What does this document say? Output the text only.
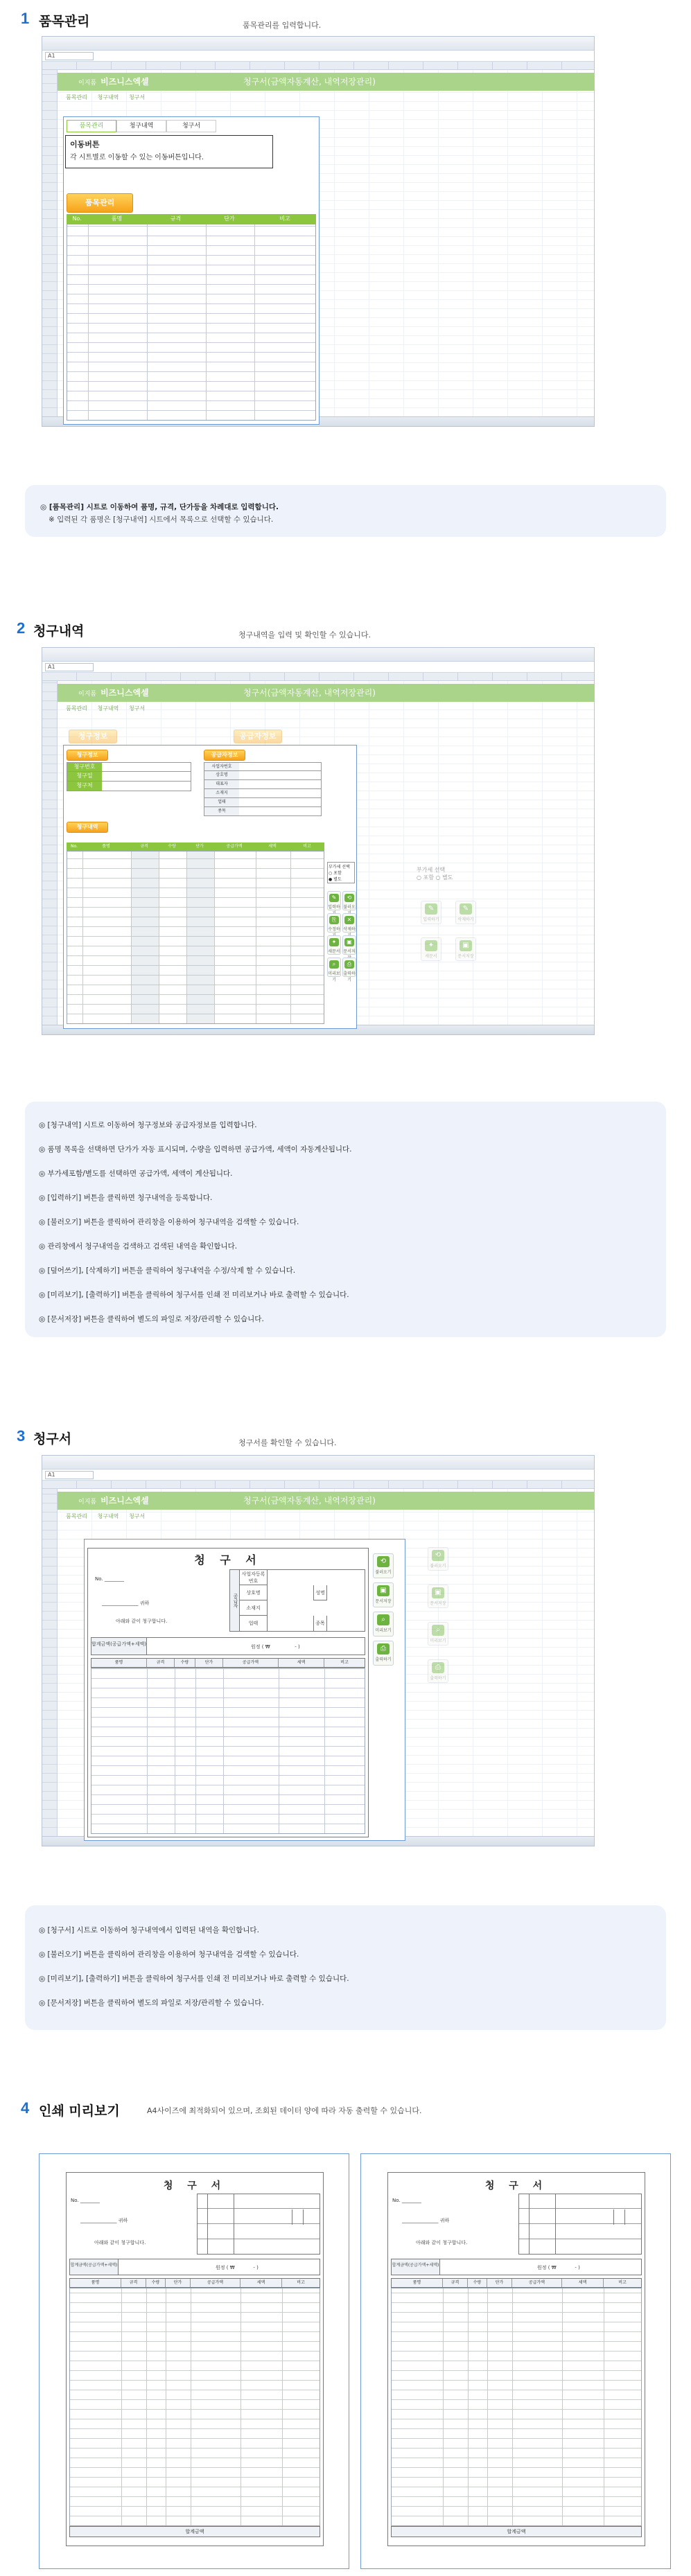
1 품목관리	품목관리를 입력합니다.
A1
이지폼 비즈니스엑셀	청구서(금액자동계산, 내역저장관리)
품목관리 청구내역 청구서
품목관리	청구내역	청구서
이동버튼
각 시트별로 이동할 수 있는 이동버튼입니다.
품목관리
No.	품명	규격	단가	비고
◎ [품목관리] 시트로 이동하여 품명, 규격, 단가등을 차례대로 입력합니다.
※ 입력된 각 품명은 [청구내역] 시트에서 목록으로 선택할 수 있습니다.
2 청구내역	청구내역을 입력 및 확인할 수 있습니다.
A1
이지폼 비즈니스엑셀	청구서(금액자동계산, 내역저장관리)
품목관리 청구내역 청구서
청구정보	공급자정보
부가세 선택
○ 포함 ○ 별도
✎
입력하기
✎
삭제하기
✦
새문서
▣
문서저장
청구정보	공급자정보
청구번호
청구일
청구처
사업자번호
상호명
대표자
소재지
업태
종목
청구내역
No.	품명	규격	수량	단가	공급가액	세액	비고
부가세 선택
○ 포함
● 별도
✎
입력하
⟲
불러오
⎘
수정하
✕
삭제하
✦
새문서
▣
문서저
⌕
미리보기
⎙
출력하기
◎ [청구내역] 시트로 이동하여 청구정보와 공급자정보를 입력합니다.
◎ 품명 목록을 선택하면 단가가 자동 표시되며, 수량을 입력하면 공급가액, 세액이 자동계산됩니다.
◎ 부가세포함/별도를 선택하면 공급가액, 세액이 계산됩니다.
◎ [입력하기] 버튼을 클릭하면 청구내역을 등록합니다.
◎ [불러오기] 버튼을 클릭하여 관리창을 이용하여 청구내역을 검색할 수 있습니다.
◎ 관리창에서 청구내역을 검색하고 검색된 내역을 확인합니다.
◎ [덮어쓰기], [삭제하기] 버튼을 클릭하여 청구내역을 수정/삭제 할 수 있습니다.
◎ [미리보기], [출력하기] 버튼을 클릭하여 청구서를 인쇄 전 미리보거나 바로 출력할 수 있습니다.
◎ [문서저장] 버튼을 클릭하여 별도의 파일로 저장/관리할 수 있습니다.
3 청구서	청구서를 확인할 수 있습니다.
A1
이지폼 비즈니스엑셀	청구서(금액자동계산, 내역저장관리)
품목관리 청구내역 청구서
⟲
불러오기
▣
문서저장
⌕
미리보기
⎙
출력하기
청 구 서
No. ________
_______________ 귀하
아래와 같이 청구합니다.
공급자
사업자등록번호
상호명	성명
소재지
업태	종목
합계금액(공급가액+세액)	원정 ( ₩                - )
품명	규격	수량	단가	공급가액	세액	비고
⟲
불러오기
▣
문서저장
⌕
미리보기
⎙
출력하기
◎ [청구서] 시트로 이동하여 청구내역에서 입력된 내역을 확인합니다.
◎ [불러오기] 버튼을 클릭하여 관리창을 이용하여 청구내역을 검색할 수 있습니다.
◎ [미리보기], [출력하기] 버튼을 클릭하여 청구서를 인쇄 전 미리보거나 바로 출력할 수 있습니다.
◎ [문서저장] 버튼을 클릭하여 별도의 파일로 저장/관리할 수 있습니다.
4 인쇄 미리보기	A4사이즈에 최적화되어 있으며, 조회된 데이터 양에 따라 자동 출력할 수 있습니다.
청 구 서
No. ________
_______________ 귀하
아래와 같이 청구합니다.
합계금액(공급가액+세액)	원정 ( ₩            - )
품명	규격	수량	단가	공급가액	세액	비고
합계금액
청 구 서
No. ________
_______________ 귀하
아래와 같이 청구합니다.
합계금액(공급가액+세액)	원정 ( ₩            - )
품명	규격	수량	단가	공급가액	세액	비고
합계금액
